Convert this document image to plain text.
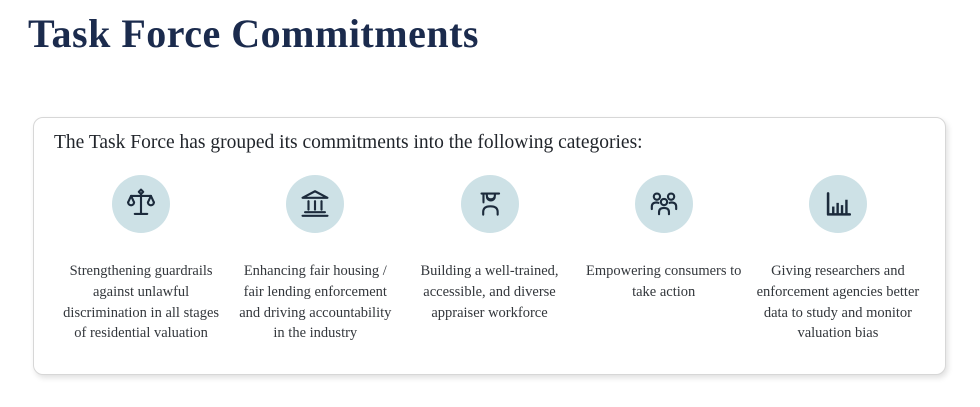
Task Force Commitments

The Task Force has grouped its commitments into the following categories:

Strengthening guardrails against unlawful discrimination in all stages of residential valuation
Enhancing fair housing / fair lending enforcement and driving accountability in the industry
Building a well-trained, accessible, and diverse appraiser workforce
Empowering consumers to take action
Giving researchers and enforcement agencies better data to study and monitor valuation bias
